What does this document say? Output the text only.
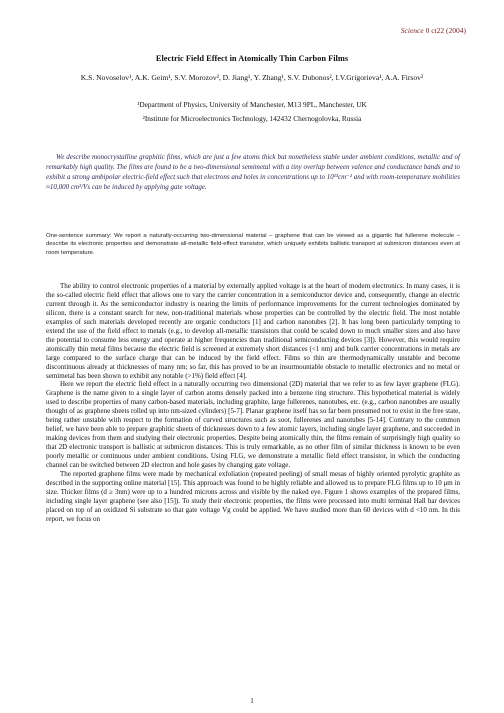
Science 0 ct22 (2004)
Electric Field Effect in Atomically Thin Carbon Films
K.S. Novoselov¹, A.K. Geim¹, S.V. Morozov², D. Jiang¹, Y. Zhang¹, S.V. Dubonos², I.V.Grigorieva¹, A.A. Firsov²
¹Department of Physics, University of Manchester, M13 9PL, Manchester, UK
²Institute for Microelectronics Technology, 142432 Chernogolovka, Russia

We describe monocrystalline graphitic films, which are just a few atoms thick but nonetheless stable under ambient conditions, metallic and of remarkably high quality. The films are found to be a two-dimensional semimetal with a tiny overlap between valence and conductance bands and to exhibit a strong ambipolar electric-field effect such that electrons and holes in concentrations up to 10¹³cm⁻² and with room-temperature mobilities ≈10,000 cm²/Vs can be induced by applying gate voltage.

One-sentence summary: We report a naturally-occurring two-dimensional material – graphene that can be viewed as a gigantic flat fullerene molecule – describe its electronic properties and demonstrate all-metallic field-effect transistor, which uniquely exhibits ballistic transport at submicron distances even at room temperature.

The ability to control electronic properties of a material by externally applied voltage is at the heart of modern electronics. In many cases, it is the so-called electric field effect that allows one to vary the carrier concentration in a semiconductor device and, consequently, change an electric current through it. As the semiconductor industry is nearing the limits of performance improvements for the current technologies dominated by silicon, there is a constant search for new, non-traditional materials whose properties can be controlled by the electric field. The most notable examples of such materials developed recently are organic conductors [1] and carbon nanotubes [2]. It has long been particularly tempting to extend the use of the field effect to metals (e.g., to develop all-metallic transistors that could be scaled down to much smaller sizes and also have the potential to consume less energy and operate at higher frequencies than traditional semiconducting devices [3]). However, this would require atomically thin metal films because the electric field is screened at extremely short distances (<1 nm) and bulk carrier concentrations in metals are large compared to the surface charge that can be induced by the field effect. Films so thin are thermodynamically unstable and become discontinuous already at thicknesses of many nm; so far, this has proved to be an insurmountable obstacle to metallic electronics and no metal or semimetal has been shown to exhibit any notable (>1%) field effect [4].

Here we report the electric field effect in a naturally occurring two dimensional (2D) material that we refer to as few layer graphene (FLG). Graphene is the name given to a single layer of carbon atoms densely packed into a benzene ring structure. This hypothetical material is widely used to describe properties of many carbon-based materials, including graphite, large fullerenes, nanotubes, etc. (e.g., carbon nanotubes are usually thought of as graphene sheets rolled up into nm-sized cylinders) [5-7]. Planar graphene itself has so far been presumed not to exist in the free state, being rather unstable with respect to the formation of curved structures such as soot, fullerenes and nanotubes [5-14]. Contrary to the common belief, we have been able to prepare graphitic sheets of thicknesses down to a few atomic layers, including single layer graphene, and succeeded in making devices from them and studying their electronic properties. Despite being atomically thin, the films remain of surprisingly high quality so that 2D electronic transport is ballistic at submicron distances. This is truly remarkable, as no other film of similar thickness is known to be even poorly metallic or continuous under ambient conditions. Using FLG, we demonstrate a metallic field effect transistor, in which the conducting channel can be switched between 2D electron and hole gases by changing gate voltage.

The reported graphene films were made by mechanical exfoliation (repeated peeling) of small mesas of highly oriented pyrolytic graphite as described in the supporting online material [15]. This approach was found to be highly reliable and allowed us to prepare FLG films up to 10 μm in size. Thicker films (d ≥ 3nm) were up to a hundred microns across and visible by the naked eye. Figure 1 shows examples of the prepared films, including single layer graphene (see also [15]). To study their electronic properties, the films were processed into multi terminal Hall bar devices placed on top of an oxidized Si substrate so that gate voltage Vg could be applied. We have studied more than 60 devices with d <10 nm. In this report, we focus on

1
